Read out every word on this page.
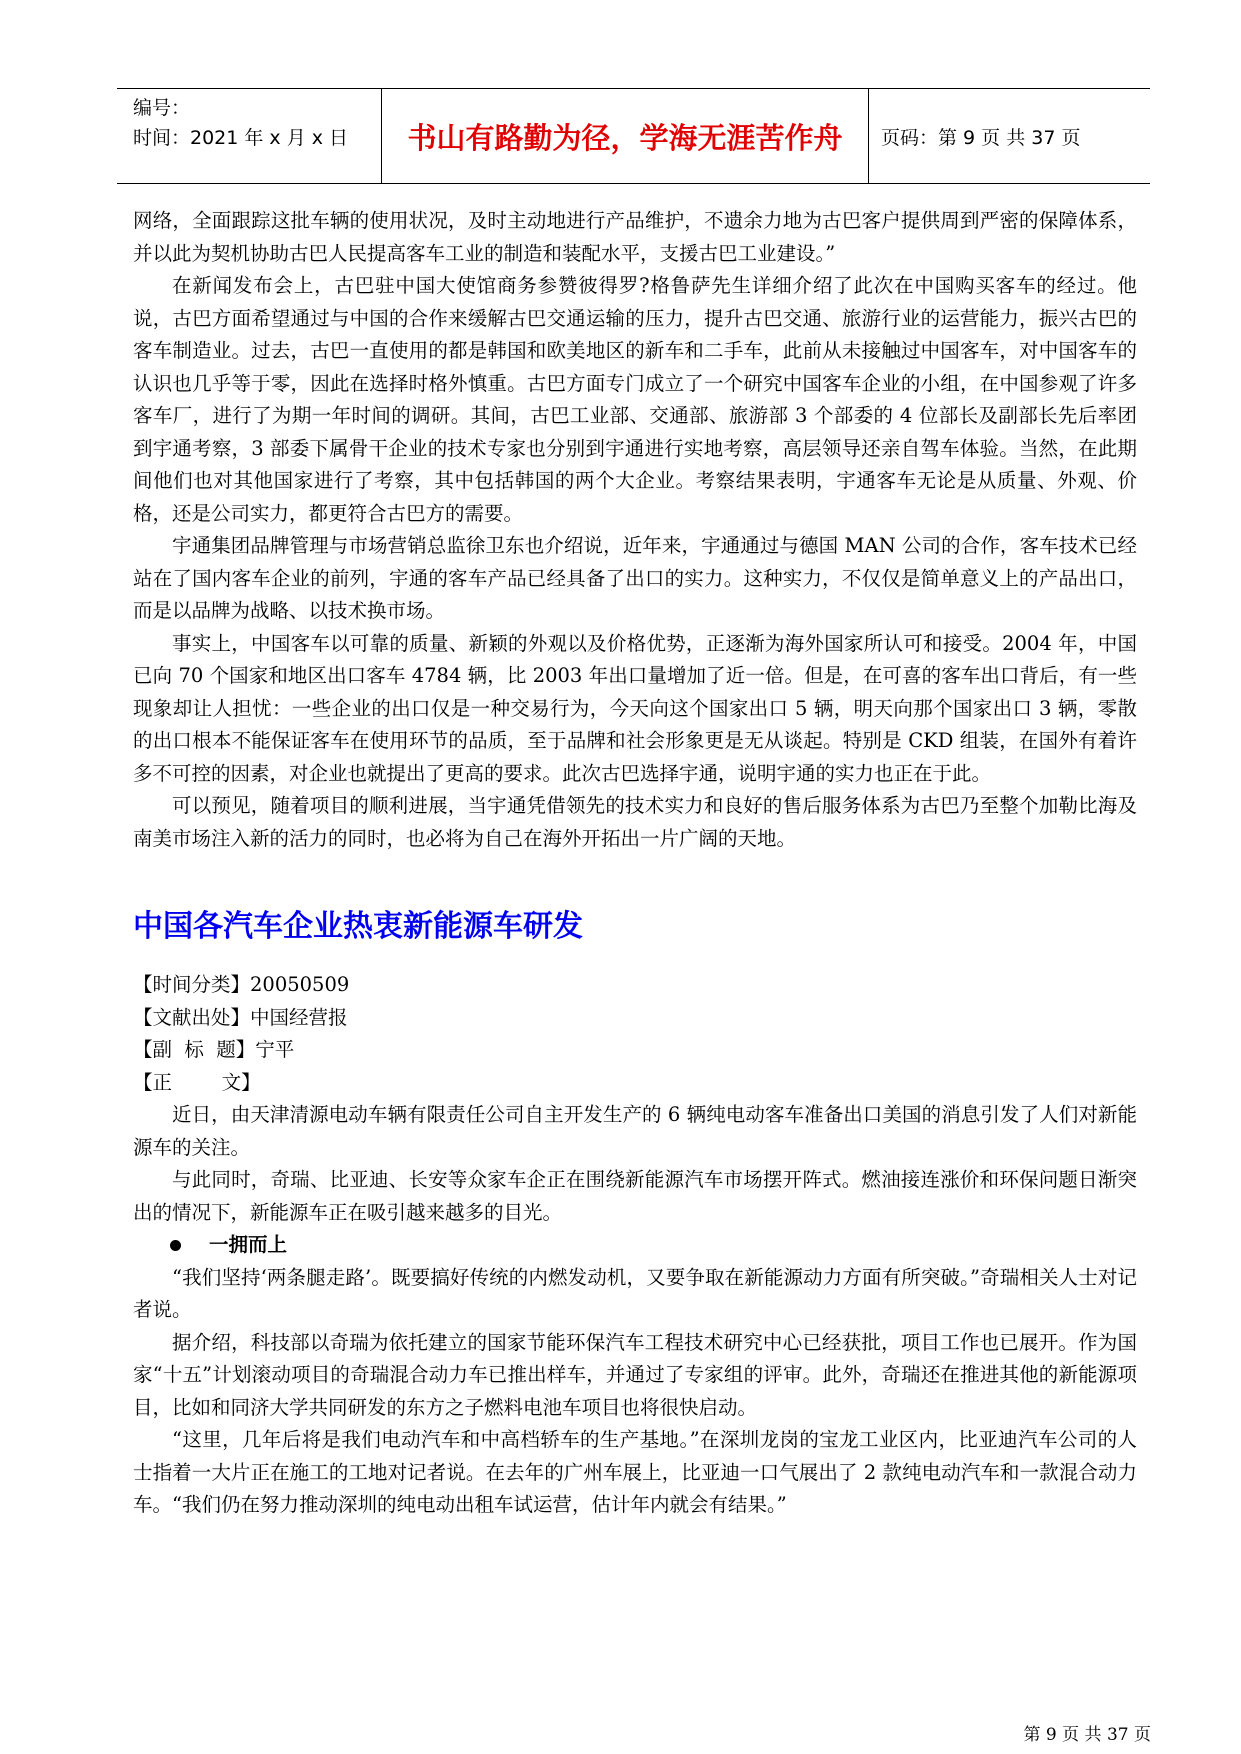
编号：
时间：2021 年 x 月 x 日	书山有路勤为径，学海无涯苦作舟	页码：第 9 页 共 37 页

网络，全面跟踪这批车辆的使用状况，及时主动地进行产品维护，不遗余力地为古巴客户提供周到严密的保障体系，并以此为契机协助古巴人民提高客车工业的制造和装配水平，支援古巴工业建设。”

在新闻发布会上，古巴驻中国大使馆商务参赞彼得罗?格鲁萨先生详细介绍了此次在中国购买客车的经过。他说，古巴方面希望通过与中国的合作来缓解古巴交通运输的压力，提升古巴交通、旅游行业的运营能力，振兴古巴的客车制造业。过去，古巴一直使用的都是韩国和欧美地区的新车和二手车，此前从未接触过中国客车，对中国客车的认识也几乎等于零，因此在选择时格外慎重。古巴方面专门成立了一个研究中国客车企业的小组，在中国参观了许多客车厂，进行了为期一年时间的调研。其间，古巴工业部、交通部、旅游部 3 个部委的 4 位部长及副部长先后率团到宇通考察，3 部委下属骨干企业的技术专家也分别到宇通进行实地考察，高层领导还亲自驾车体验。当然，在此期间他们也对其他国家进行了考察，其中包括韩国的两个大企业。考察结果表明，宇通客车无论是从质量、外观、价格，还是公司实力，都更符合古巴方的需要。

宇通集团品牌管理与市场营销总监徐卫东也介绍说，近年来，宇通通过与德国 MAN 公司的合作，客车技术已经站在了国内客车企业的前列，宇通的客车产品已经具备了出口的实力。这种实力，不仅仅是简单意义上的产品出口，而是以品牌为战略、以技术换市场。

事实上，中国客车以可靠的质量、新颖的外观以及价格优势，正逐渐为海外国家所认可和接受。2004 年，中国已向 70 个国家和地区出口客车 4784 辆，比 2003 年出口量增加了近一倍。但是，在可喜的客车出口背后，有一些现象却让人担忧：一些企业的出口仅是一种交易行为，今天向这个国家出口 5 辆，明天向那个国家出口 3 辆，零散的出口根本不能保证客车在使用环节的品质，至于品牌和社会形象更是无从谈起。特别是 CKD 组装，在国外有着许多不可控的因素，对企业也就提出了更高的要求。此次古巴选择宇通，说明宇通的实力也正在于此。

可以预见，随着项目的顺利进展，当宇通凭借领先的技术实力和良好的售后服务体系为古巴乃至整个加勒比海及南美市场注入新的活力的同时，也必将为自己在海外开拓出一片广阔的天地。

中国各汽车企业热衷新能源车研发

【时间分类】20050509

【文献出处】中国经营报

【副  标  题】宁平

【正        文】

近日，由天津清源电动车辆有限责任公司自主开发生产的 6 辆纯电动客车准备出口美国的消息引发了人们对新能源车的关注。

与此同时，奇瑞、比亚迪、长安等众家车企正在围绕新能源汽车市场摆开阵式。燃油接连涨价和环保问题日渐突出的情况下，新能源车正在吸引越来越多的目光。

一拥而上

“我们坚持‘两条腿走路’。既要搞好传统的内燃发动机，又要争取在新能源动力方面有所突破。”奇瑞相关人士对记者说。

据介绍，科技部以奇瑞为依托建立的国家节能环保汽车工程技术研究中心已经获批，项目工作也已展开。作为国家“十五”计划滚动项目的奇瑞混合动力车已推出样车，并通过了专家组的评审。此外，奇瑞还在推进其他的新能源项目，比如和同济大学共同研发的东方之子燃料电池车项目也将很快启动。

“这里，几年后将是我们电动汽车和中高档轿车的生产基地。”在深圳龙岗的宝龙工业区内，比亚迪汽车公司的人士指着一大片正在施工的工地对记者说。在去年的广州车展上，比亚迪一口气展出了 2 款纯电动汽车和一款混合动力车。“我们仍在努力推动深圳的纯电动出租车试运营，估计年内就会有结果。”

第 9 页 共 37 页
